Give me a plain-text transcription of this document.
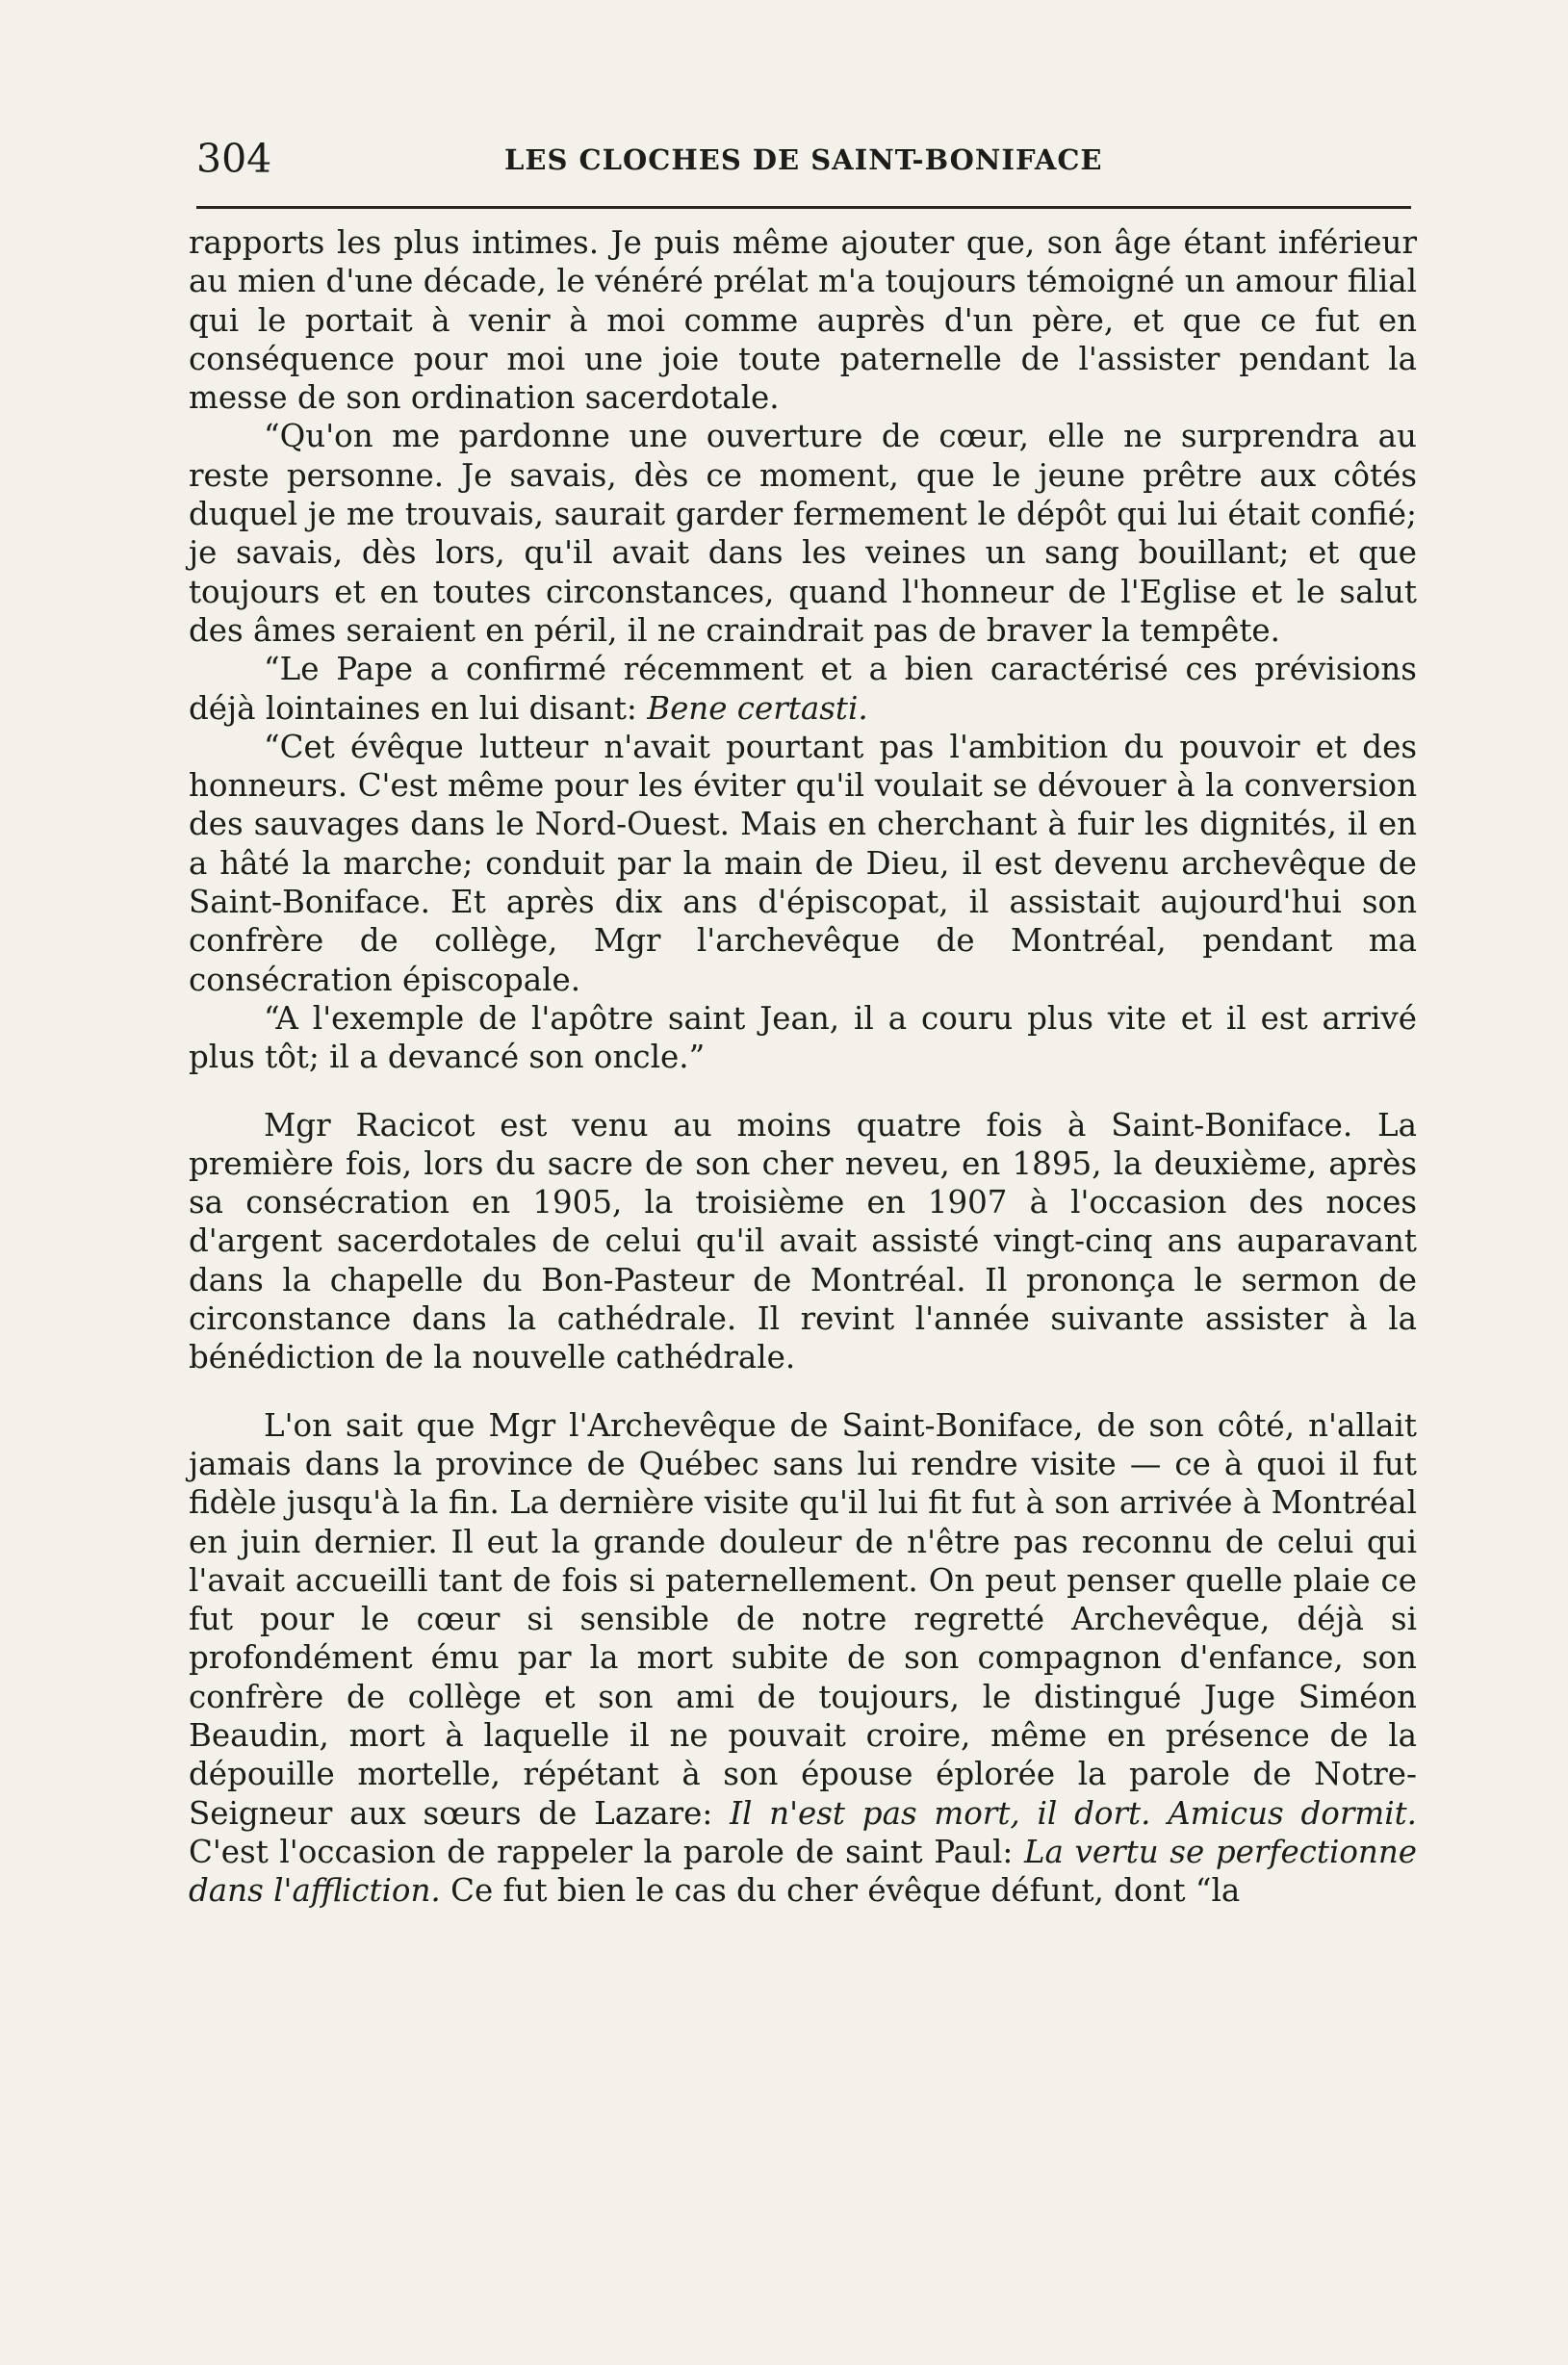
304	LES CLOCHES DE SAINT-BONIFACE

rapports les plus intimes. Je puis même ajouter que, son âge étant inférieur au mien d'une décade, le vénéré prélat m'a toujours témoigné un amour filial qui le portait à venir à moi comme auprès d'un père, et que ce fut en conséquence pour moi une joie toute paternelle de l'assister pendant la messe de son ordination sacerdotale.

“Qu'on me pardonne une ouverture de cœur, elle ne surprendra au reste personne. Je savais, dès ce moment, que le jeune prêtre aux côtés duquel je me trouvais, saurait garder fermement le dépôt qui lui était confié; je savais, dès lors, qu'il avait dans les veines un sang bouillant; et que toujours et en toutes circonstances, quand l'honneur de l'Eglise et le salut des âmes seraient en péril, il ne craindrait pas de braver la tempête.

“Le Pape a confirmé récemment et a bien caractérisé ces prévisions déjà lointaines en lui disant: Bene certasti.

“Cet évêque lutteur n'avait pourtant pas l'ambition du pouvoir et des honneurs. C'est même pour les éviter qu'il voulait se dévouer à la conversion des sauvages dans le Nord-Ouest. Mais en cherchant à fuir les dignités, il en a hâté la marche; conduit par la main de Dieu, il est devenu archevêque de Saint-Boniface. Et après dix ans d'épiscopat, il assistait aujourd'hui son confrère de collège, Mgr l'archevêque de Montréal, pendant ma consécration épiscopale.

“A l'exemple de l'apôtre saint Jean, il a couru plus vite et il est arrivé plus tôt; il a devancé son oncle.”

Mgr Racicot est venu au moins quatre fois à Saint-Boniface. La première fois, lors du sacre de son cher neveu, en 1895, la deuxième, après sa consécration en 1905, la troisième en 1907 à l'occasion des noces d'argent sacerdotales de celui qu'il avait assisté vingt-cinq ans auparavant dans la chapelle du Bon-Pasteur de Montréal. Il prononça le sermon de circonstance dans la cathédrale. Il revint l'année suivante assister à la bénédiction de la nouvelle cathédrale.

L'on sait que Mgr l'Archevêque de Saint-Boniface, de son côté, n'allait jamais dans la province de Québec sans lui rendre visite — ce à quoi il fut fidèle jusqu'à la fin. La dernière visite qu'il lui fit fut à son arrivée à Montréal en juin dernier. Il eut la grande douleur de n'être pas reconnu de celui qui l'avait accueilli tant de fois si paternellement. On peut penser quelle plaie ce fut pour le cœur si sensible de notre regretté Archevêque, déjà si profondément ému par la mort subite de son compagnon d'enfance, son confrère de collège et son ami de toujours, le distingué Juge Siméon Beaudin, mort à laquelle il ne pouvait croire, même en présence de la dépouille mortelle, répétant à son épouse éplorée la parole de Notre-Seigneur aux sœurs de Lazare: Il n'est pas mort, il dort. Amicus dormit. C'est l'occasion de rappeler la parole de saint Paul: La vertu se perfectionne dans l'affliction. Ce fut bien le cas du cher évêque défunt, dont “la
